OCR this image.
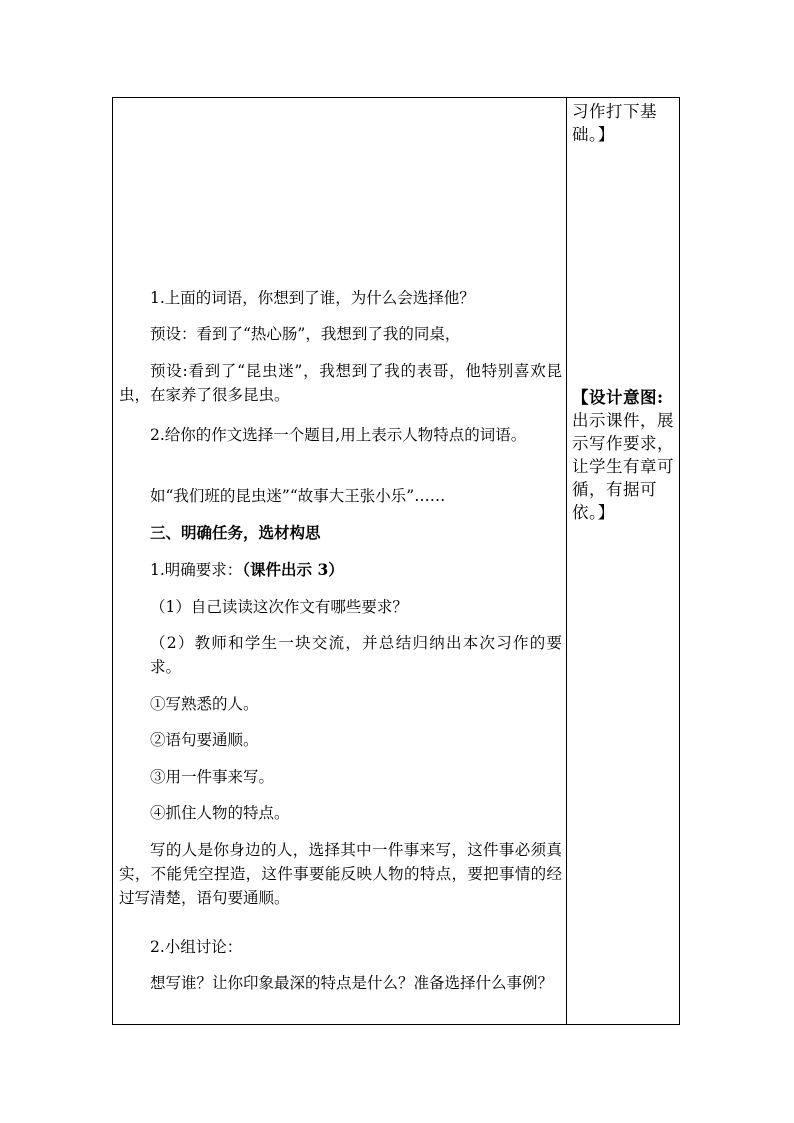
1.上面的词语，你想到了谁，为什么会选择他？

预设：看到了“热心肠”，我想到了我的同桌，

预设:看到了“昆虫迷”，我想到了我的表哥，他特别喜欢昆虫，在家养了很多昆虫。

2.给你的作文选择一个题目,用上表示人物特点的词语。

如“我们班的昆虫迷”“故事大王张小乐”……

三、明确任务，选材构思

1.明确要求：（课件出示 3）

（1）自己读读这次作文有哪些要求？

（2）教师和学生一块交流，并总结归纳出本次习作的要求。

①写熟悉的人。

②语句要通顺。

③用一件事来写。

④抓住人物的特点。

写的人是你身边的人，选择其中一件事来写，这件事必须真实，不能凭空捏造，这件事要能反映人物的特点，要把事情的经过写清楚，语句要通顺。

2.小组讨论：

想写谁？让你印象最深的特点是什么？准备选择什么事例？

习作打下基础。】

【设计意图:出示课件，展示写作要求，让学生有章可循，有据可依。】
